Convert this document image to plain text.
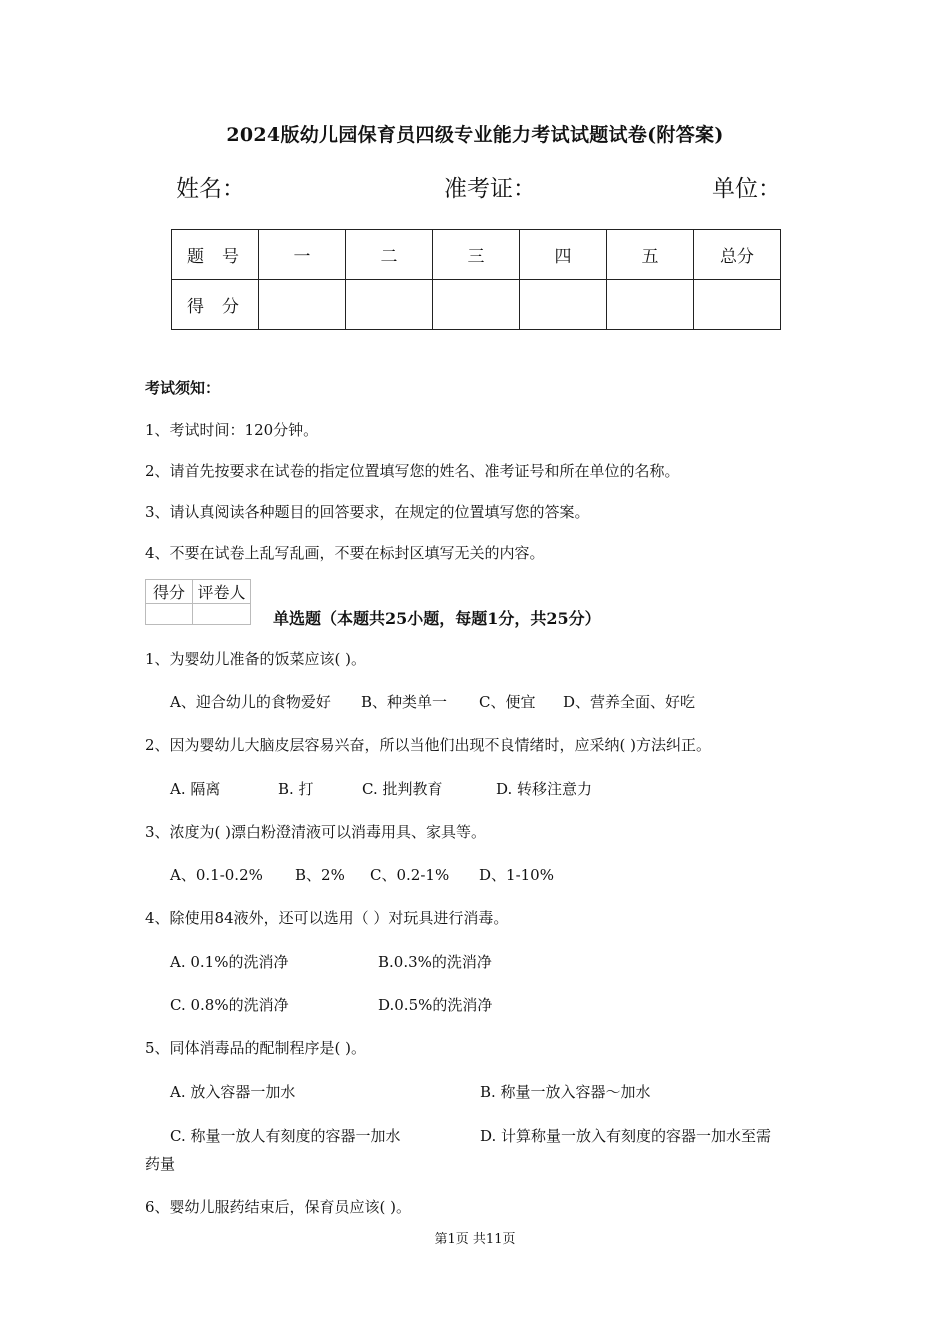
2024版幼儿园保育员四级专业能力考试试题试卷(附答案)
姓名：	准考证：	单位：
题号	一	二	三	四	五	总分
得分						
考试须知：
1、考试时间：120分钟。
2、请首先按要求在试卷的指定位置填写您的姓名、准考证号和所在单位的名称。
3、请认真阅读各种题目的回答要求，在规定的位置填写您的答案。
4、不要在试卷上乱写乱画，不要在标封区填写无关的内容。
得分	评卷人

单选题（本题共25小题，每题1分，共25分）
1、为婴幼儿准备的饭菜应该( )。
A、迎合幼儿的食物爱好 B、种类单一 C、便宜 D、营养全面、好吃
2、因为婴幼儿大脑皮层容易兴奋，所以当他们出现不良情绪时，应采纳( )方法纠正。
A. 隔离	B. 打	C. 批判教育	D. 转移注意力
3、浓度为( )漂白粉澄清液可以消毒用具、家具等。
A、0.1-0.2% B、2% C、0.2-1% D、1-10%
4、除使用84液外，还可以选用（ ）对玩具进行消毒。
A. 0.1%的洗消净	B.0.3%的洗消净
C. 0.8%的洗消净	D.0.5%的洗消净
5、同体消毒品的配制程序是( )。
A. 放入容器一加水	B. 称量一放入容器～加水
C. 称量一放人有刻度的容器一加水	D. 计算称量一放入有刻度的容器一加水至需
药量
6、婴幼儿服药结束后，保育员应该( )。
第1页 共11页
